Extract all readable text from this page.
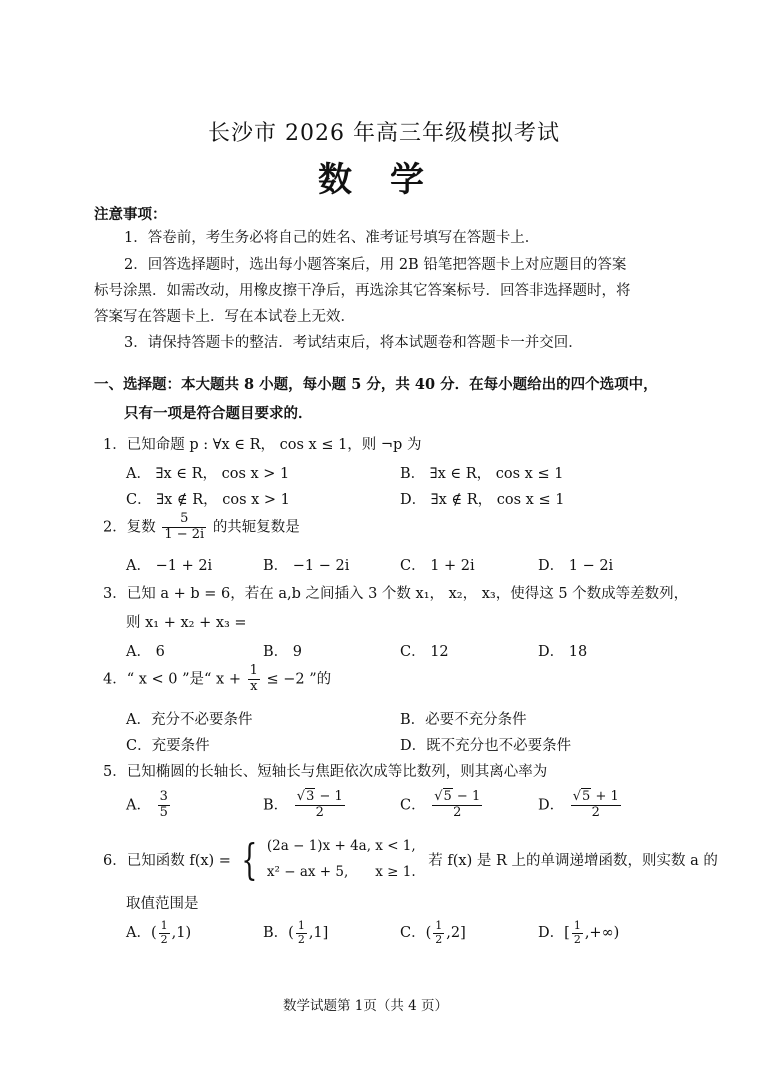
长沙市 2026 年高三年级模拟考试
数　学
注意事项：
1．答卷前，考生务必将自己的姓名、准考证号填写在答题卡上．
2．回答选择题时，选出每小题答案后，用 2B 铅笔把答题卡上对应题目的答案
标号涂黑．如需改动，用橡皮擦干净后，再选涂其它答案标号．回答非选择题时，将
答案写在答题卡上．写在本试卷上无效．
3．请保持答题卡的整洁．考试结束后，将本试题卷和答题卡一并交回．
一、选择题：本大题共 8 小题，每小题 5 分，共 40 分．在每小题给出的四个选项中，
只有一项是符合题目要求的．
1．已知命题 p : ∀x ∈ R， cos x ≤ 1，则 ¬p 为
A． ∃x ∈ R， cos x > 1	B． ∃x ∈ R， cos x ≤ 1
C． ∃x ∉ R， cos x > 1	D． ∃x ∉ R， cos x ≤ 1
2．复数 $\frac{5}{1 - 2i}$ 的共轭复数是
A． −1 + 2i	B． −1 − 2i	C． 1 + 2i	D． 1 − 2i
3．已知 a + b = 6，若在 a,b 之间插入 3 个数 x₁， x₂， x₃，使得这 5 个数成等差数列，
则 x₁ + x₂ + x₃ =
A． 6	B． 9	C． 12	D． 18
4．“ x < 0 ”是“ $x + \frac{1}{x} \le -2$ ”的
A．充分不必要条件	B．必要不充分条件
C．充要条件	D．既不充分也不必要条件
5．已知椭圆的长轴长、短轴长与焦距依次成等比数列，则其离心率为
A． $\frac{3}{5}$	B． $\frac{√3 - 1}{2}$	C． $\frac{√5 - 1}{2}$	D． $\frac{√5 + 1}{2}$
6．已知函数 f(x) = { (2a − 1)x + 4a, x < 1,
x² − ax + 5,　　x ≥ 1.
若 f(x) 是 R 上的单调递增函数，则实数 a 的
取值范围是
A．( $\frac{1}{2} ,1$)	B．( $\frac{1}{2} ,1$]	C．( $\frac{1}{2} ,2$]	D．[ $\frac{1}{2}$ ,+∞)
数学试题第 1页（共 4 页）
